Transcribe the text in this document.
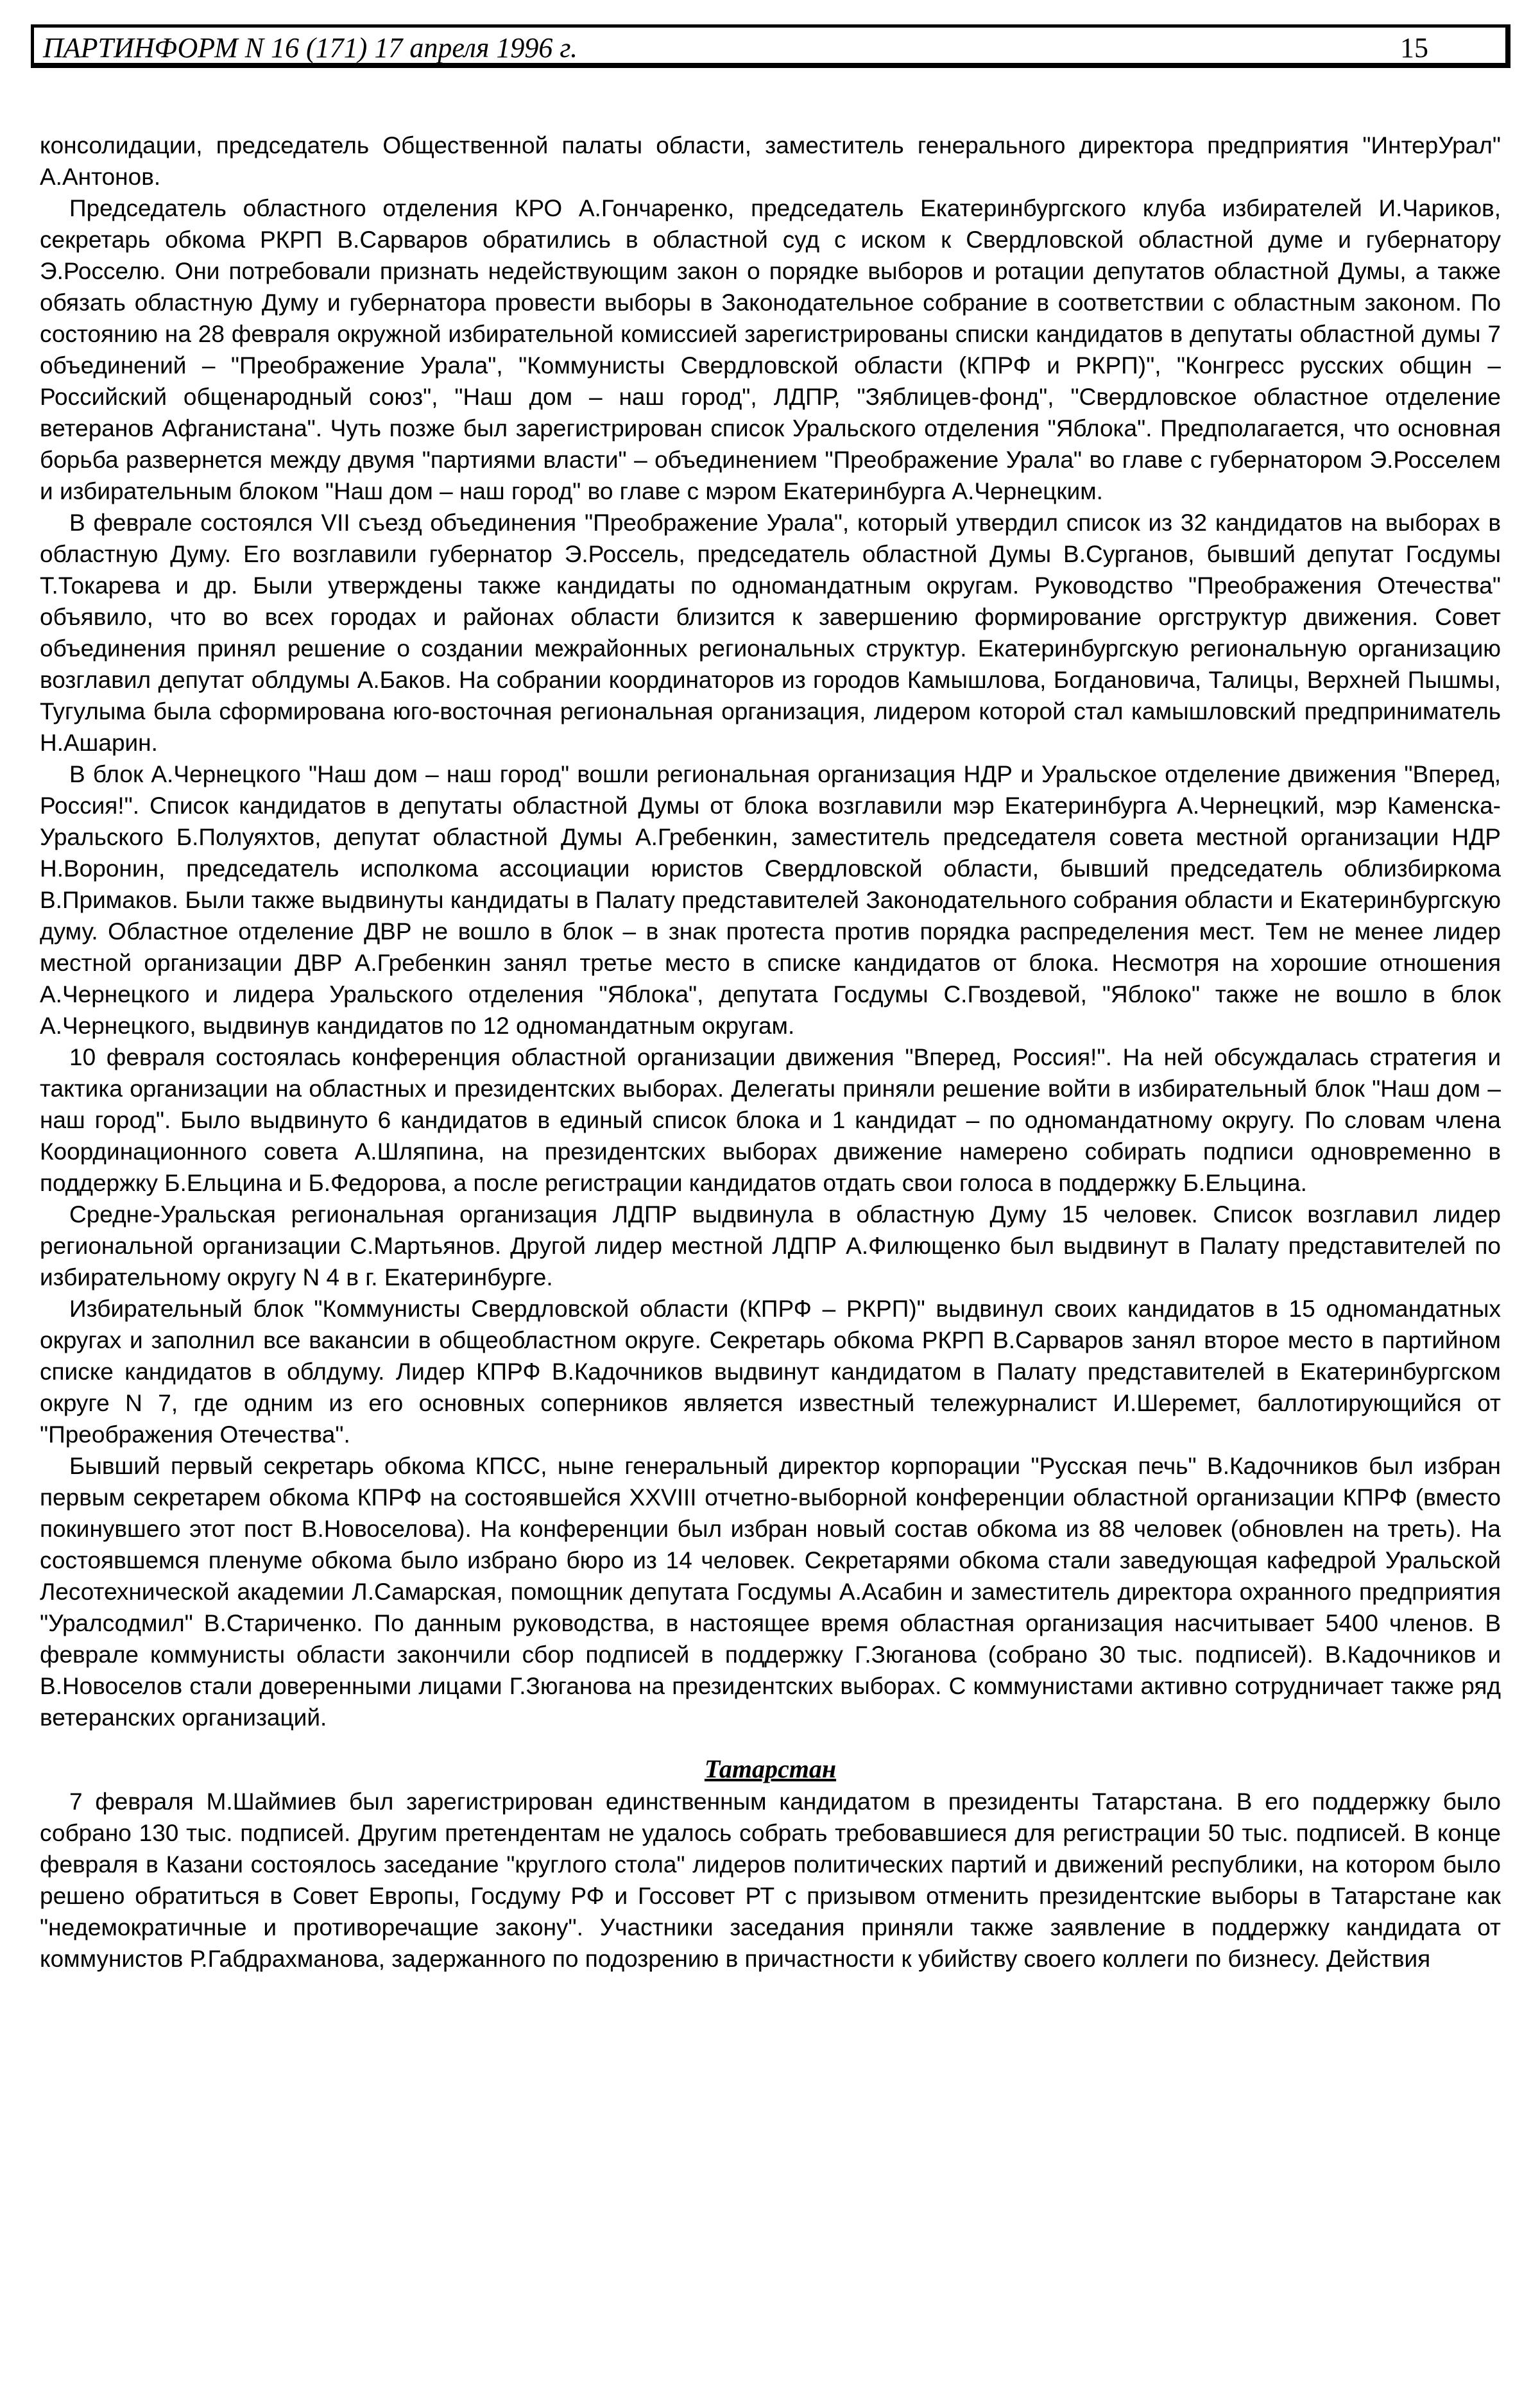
ПАРТИНФОРМ N 16 (171) 17 апреля 1996 г.	15

консолидации, председатель Общественной палаты области, заместитель генерального директора предприятия "ИнтерУрал" А.Антонов.

Председатель областного отделения КРО А.Гончаренко, председатель Екатеринбургского клуба избирателей И.Чариков, секретарь обкома РКРП В.Сарваров обратились в областной суд с иском к Свердловской областной думе и губернатору Э.Росселю. Они потребовали признать недействующим закон о порядке выборов и ротации депутатов областной Думы, а также обязать областную Думу и губернатора провести выборы в Законодательное собрание в соответствии с областным законом. По состоянию на 28 февраля окружной избирательной комиссией зарегистрированы списки кандидатов в депутаты областной думы 7 объединений – "Преображение Урала", "Коммунисты Свердловской области (КПРФ и РКРП)", "Конгресс русских общин – Российский общенародный союз", "Наш дом – наш город", ЛДПР, "Зяблицев-фонд", "Свердловское областное отделение ветеранов Афганистана". Чуть позже был зарегистрирован список Уральского отделения "Яблока". Предполагается, что основная борьба развернется между двумя "партиями власти" – объединением "Преображение Урала" во главе с губернатором Э.Росселем и избирательным блоком "Наш дом – наш город" во главе с мэром Екатеринбурга А.Чернецким.

В феврале состоялся VII съезд объединения "Преображение Урала", который утвердил список из 32 кандидатов на выборах в областную Думу. Его возглавили губернатор Э.Россель, председатель областной Думы В.Сурганов, бывший депутат Госдумы Т.Токарева и др. Были утверждены также кандидаты по одномандатным округам. Руководство "Преображения Отечества" объявило, что во всех городах и районах области близится к завершению формирование оргструктур движения. Совет объединения принял решение о создании межрайонных региональных структур. Екатеринбургскую региональную организацию возглавил депутат облдумы А.Баков. На собрании координаторов из городов Камышлова, Богдановича, Талицы, Верхней Пышмы, Тугулыма была сформирована юго-восточная региональная организация, лидером которой стал камышловский предприниматель Н.Ашарин.

В блок А.Чернецкого "Наш дом – наш город" вошли региональная организация НДР и Уральское отделение движения "Вперед, Россия!". Список кандидатов в депутаты областной Думы от блока возглавили мэр Екатеринбурга А.Чернецкий, мэр Каменска-Уральского Б.Полуяхтов, депутат областной Думы А.Гребенкин, заместитель председателя совета местной организации НДР Н.Воронин, председатель исполкома ассоциации юристов Свердловской области, бывший председатель облизбиркома В.Примаков. Были также выдвинуты кандидаты в Палату представителей Законодательного собрания области и Екатеринбургскую думу. Областное отделение ДВР не вошло в блок – в знак протеста против порядка распределения мест. Тем не менее лидер местной организации ДВР А.Гребенкин занял третье место в списке кандидатов от блока. Несмотря на хорошие отношения А.Чернецкого и лидера Уральского отделения "Яблока", депутата Госдумы С.Гвоздевой, "Яблоко" также не вошло в блок А.Чернецкого, выдвинув кандидатов по 12 одномандатным округам.

10 февраля состоялась конференция областной организации движения "Вперед, Россия!". На ней обсуждалась стратегия и тактика организации на областных и президентских выборах. Делегаты приняли решение войти в избирательный блок "Наш дом – наш город". Было выдвинуто 6 кандидатов в единый список блока и 1 кандидат – по одномандатному округу. По словам члена Координационного совета А.Шляпина, на президентских выборах движение намерено собирать подписи одновременно в поддержку Б.Ельцина и Б.Федорова, а после регистрации кандидатов отдать свои голоса в поддержку Б.Ельцина.

Средне-Уральская региональная организация ЛДПР выдвинула в областную Думу 15 человек. Список возглавил лидер региональной организации С.Мартьянов. Другой лидер местной ЛДПР А.Филющенко был выдвинут в Палату представителей по избирательному округу N 4 в г. Екатеринбурге.

Избирательный блок "Коммунисты Свердловской области (КПРФ – РКРП)" выдвинул своих кандидатов в 15 одномандатных округах и заполнил все вакансии в общеобластном округе. Секретарь обкома РКРП В.Сарваров занял второе место в партийном списке кандидатов в облдуму. Лидер КПРФ В.Кадочников выдвинут кандидатом в Палату представителей в Екатеринбургском округе N 7, где одним из его основных соперников является известный тележурналист И.Шеремет, баллотирующийся от "Преображения Отечества".

Бывший первый секретарь обкома КПСС, ныне генеральный директор корпорации "Русская печь" В.Кадочников был избран первым секретарем обкома КПРФ на состоявшейся XXVIII отчетно-выборной конференции областной организации КПРФ (вместо покинувшего этот пост В.Новоселова). На конференции был избран новый состав обкома из 88 человек (обновлен на треть). На состоявшемся пленуме обкома было избрано бюро из 14 человек. Секретарями обкома стали заведующая кафедрой Уральской Лесотехнической академии Л.Самарская, помощник депутата Госдумы А.Асабин и заместитель директора охранного предприятия "Уралсодмил" В.Стариченко. По данным руководства, в настоящее время областная организация насчитывает 5400 членов. В феврале коммунисты области закончили сбор подписей в поддержку Г.Зюганова (собрано 30 тыс. подписей). В.Кадочников и В.Новоселов стали доверенными лицами Г.Зюганова на президентских выборах. С коммунистами активно сотрудничает также ряд ветеранских организаций.

Татарстан

7 февраля М.Шаймиев был зарегистрирован единственным кандидатом в президенты Татарстана. В его поддержку было собрано 130 тыс. подписей. Другим претендентам не удалось собрать требовавшиеся для регистрации 50 тыс. подписей. В конце февраля в Казани состоялось заседание "круглого стола" лидеров политических партий и движений республики, на котором было решено обратиться в Совет Европы, Госдуму РФ и Госсовет РТ с призывом отменить президентские выборы в Татарстане как "недемократичные и противоречащие закону". Участники заседания приняли также заявление в поддержку кандидата от коммунистов Р.Габдрахманова, задержанного по подозрению в причастности к убийству своего коллеги по бизнесу. Действия
